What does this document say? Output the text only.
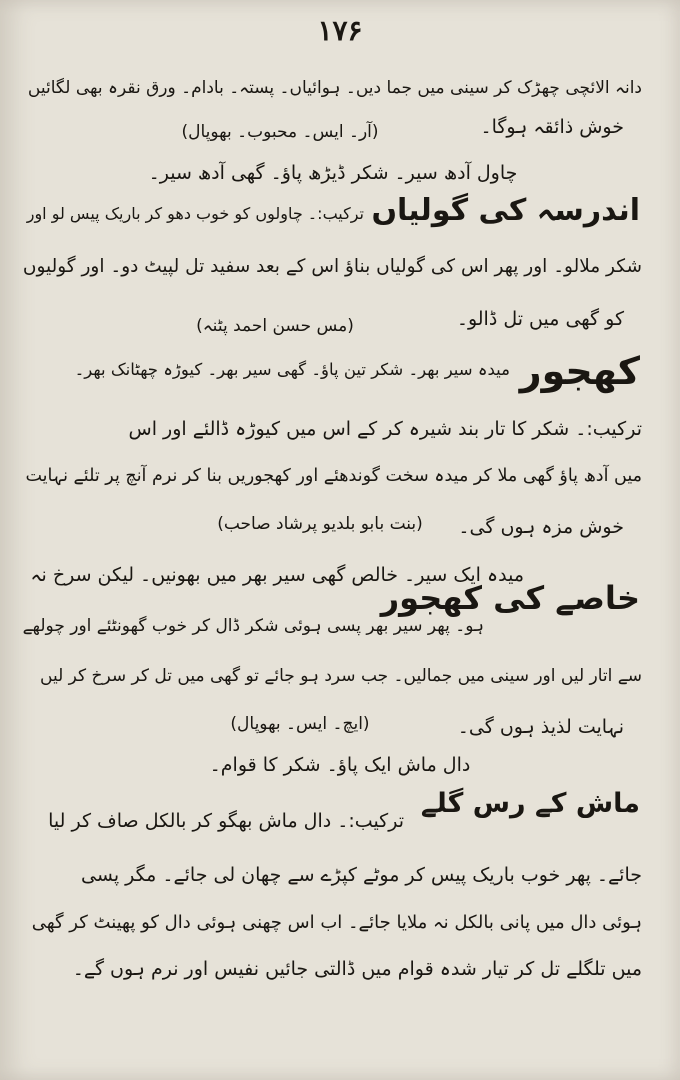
۱۷۶
دانہ الائچی چھڑک کر سینی میں جما دیں۔ ہوائیاں۔ پستہ۔ بادام۔ ورق نقرہ بھی لگائیں
خوش ذائقہ ہوگا۔
(آر۔ ایس۔ محبوب۔ بھوپال)
چاول آدھ سیر۔ شکر ڈیڑھ پاؤ۔ گھی آدھ سیر۔
اندرسہ کی گولیاں
ترکیب:۔ چاولوں کو خوب دھو کر باریک پیس لو اور
شکر ملالو۔ اور پھر اس کی گولیاں بناؤ اس کے بعد سفید تل لپیٹ دو۔ اور گولیوں
کو گھی میں تل ڈالو۔
(مس حسن احمد پٹنہ)
کھجور
میدہ سیر بھر۔ شکر تین پاؤ۔ گھی سیر بھر۔ کیوڑہ چھٹانک بھر۔
ترکیب:۔ شکر کا تار بند شیرہ کر کے اس میں کیوڑہ ڈالئے اور اس
میں آدھ پاؤ گھی ملا کر میدہ سخت گوندھئے اور کھجوریں بنا کر نرم آنچ پر تلئے نہایت
خوش مزہ ہوں گی۔
(بنت بابو بلدیو پرشاد صاحب)
خاصے کی کھجور
میدہ ایک سیر۔ خالص گھی سیر بھر میں بھونیں۔ لیکن سرخ نہ
ہو۔ پھر سیر بھر پسی ہوئی شکر ڈال کر خوب گھونٹئے اور چولھے
سے اتار لیں اور سینی میں جمالیں۔ جب سرد ہو جائے تو گھی میں تل کر سرخ کر لیں
نہایت لذیذ ہوں گی۔
(ایچ۔ ایس۔ بھوپال)
دال ماش ایک پاؤ۔ شکر کا قوام۔
ماش کے رس گلے
ترکیب:۔ دال ماش بھگو کر بالکل صاف کر لیا
جائے۔ پھر خوب باریک پیس کر موٹے کپڑے سے چھان لی جائے۔ مگر پسی
ہوئی دال میں پانی بالکل نہ ملایا جائے۔ اب اس چھنی ہوئی دال کو پھینٹ کر گھی
میں تلگلے تل کر تیار شدہ قوام میں ڈالتی جائیں نفیس اور نرم ہوں گے۔
